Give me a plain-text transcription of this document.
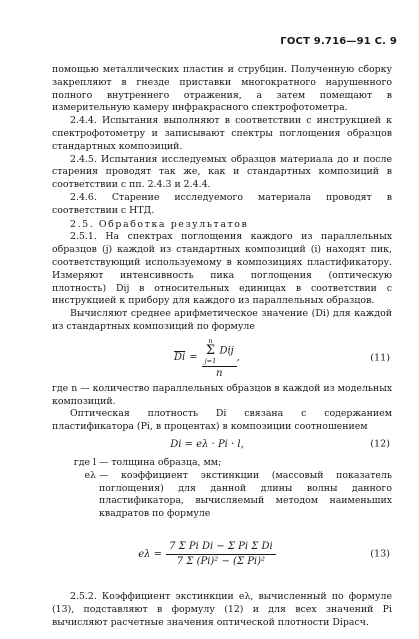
ГОСТ 9.716—91 С. 9

помощью металлических пластин и струбцин. Полученную сборку закрепляют в гнезде приставки многократного нарушенного полного внутреннего отражения, а затем помещают в измерительную камеру инфракрасного спектрофотометра.

2.4.4. Испытания выполняют в соответствии с инструкцией к спектрофотометру и записывают спектры поглощения образцов стандартных композиций.

2.4.5. Испытания исследуемых образцов материала до и после старения проводят так же, как и стандартных композиций в соответствии с пп. 2.4.3 и 2.4.4.

2.4.6. Старение исследуемого материала проводят в соответствии с НТД.

2.5. Обработка результатов

2.5.1. На спектрах поглощения каждого из параллельных образцов (j) каждой из стандартных композиций (i) находят пик, соответствующий используемому в композициях пластификатору. Измеряют интенсивность пика поглощения (оптическую плотность) Dij в относительных единицах в соответствии с инструкцией к прибору для каждого из параллельных образцов.

Вычисляют среднее арифметическое значение (Di) для каждой из стандартных композиций по формуле

$\overline{Di}$ =
n
Σ
j=1
Dij
n
,	(11)

где n — количество параллельных образцов в каждой из модельных композиций.

Оптическая плотность Di связана с содержанием пластификатора (Pi, в процентах) в композиции соотношением

Di = eλ · Pi · l,	(12)
где l — толщина образца, мм;
eλ — коэффициент экстинкции (массовый показатель поглощения) для данной длины волны данного пластификатора, вычисляемый методом наименьших квадратов по формуле
$e\lambda = \frac{\text{7 Σ Pi Di − Σ Pi Σ Di}}{\text{7 Σ (Pi)² − (Σ Pi)²}}$	(13)

2.5.2. Коэффициент экстинкции eλ, вычисленный по формуле (13), подставляют в формулу (12) и для всех значений Pi вычисляют расчетные значения оптической плотности Diрасч.
